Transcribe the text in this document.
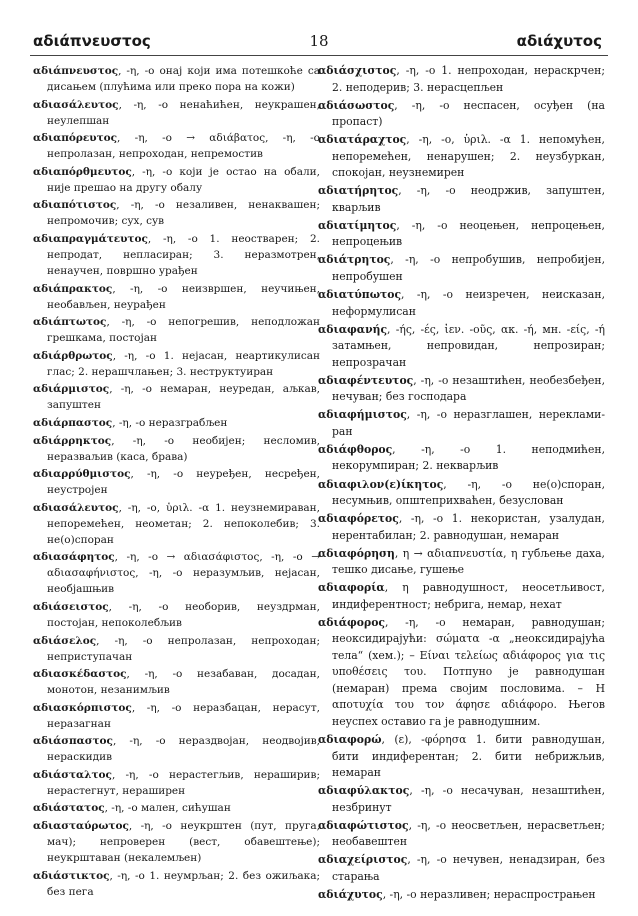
αδιάπνευστος	18	αδιάχυτος

αδιάπνευστος, -η, -ο онај који има потешкоће са дисањем (плућима или преко пора на кожи)

αδιασάλευτος, -η, -ο ненаћићен, неукрашен, неулепшан

αδιαπόρευτος, -η, -ο → αδιάβατος, -η, -ο непролазан, непроходан, непремостив

αδιαπόρθμευτος, -η, -ο који је остао на обали, није прешао на другу обалу

αδιαπότιστος, -η, -ο незаливен, ненаквашен; непромочив; сух, сув

αδιαπραγμάτευτος, -η, -ο 1. неостварен; 2. непродат, непласиран; 3. неразмотрен, ненаучен, површно урађен

αδιάπρακτος, -η, -ο неизвршен, неучињен, необављен, неурађен

αδιάπτωτος, -η, -ο непогрешив, неподложан грешкама, постојан

αδιάρθρωτος, -η, -ο 1. нејасан, неартикулисан глас; 2. нерашчлањен; 3. неструктуиран

αδιάρμιστος, -η, -ο немаран, неуредан, аљкав, запуштен

αδιάρπαστος, -η, -ο неразграбљен

αδιάρρηκτος, -η, -ο необијен; несломив, неразваљив (каса, брава)

αδιαρρύθμιστος, -η, -ο неуређен, несређен, неустројен

αδιασάλευτος, -η, -ο, ὑριλ. -α 1. неузнемираван, непоремећен, неометан; 2. непоколебив; 3. не(о)споран

αδιασάφητος, -η, -ο → αδιασάφιστος, -η, -ο → αδιασαφήνιστος, -η, -ο неразумљив, нејасан, необјашњив

αδιάσειστος, -η, -ο необорив, неуздрман, постојан, непоколебљив

αδιάσελος, -η, -ο непролазан, непроходан; неприступачан

αδιασκέδαστος, -η, -ο незабаван, досадан, монотон, незанимљив

αδιασκόρπιστος, -η, -ο неразбацан, нерасут, неразагнан

αδιάσπαστος, -η, -ο нераздвојан, неодвојив, нераскидив

αδιάσταλτος, -η, -ο нерастегљив, нераширив; нерастегнут, нераширен

αδιάστατος, -η, -ο мален, сићушан

αδιασταύρωτος, -η, -ο неукрштен (пут, пруга, мач); непроверен (вест, обавештење); неукрштаван (некалемљен)

αδιάστικτος, -η, -ο 1. неумрљан; 2. без ожиљака; без пега

αδιάσχιστος, -η, -ο 1. непроходан, нераскрчен; 2. неподерив; 3. нерасцепљен

αδιάσωστος, -η, -ο неспасен, осуђен (на пропаст)

αδιατάραχτος, -η, -ο, ὑριλ. -α 1. непомућен, непоремећен, ненарушен; 2. неузбуркан, спокојан, неузнемирен

αδιατήρητος, -η, -ο неодржив, запуштен, кварљив

αδιατίμητος, -η, -ο неоцењен, непроцењен, непроцењив

αδιάτρητος, -η, -ο непробушив, непробијен, непробушен

αδιατύπωτος, -η, -ο неизречен, неисказан, неформулисан

αδιαφανής, -ής, -ές, ἰεν. -οῦς, ακ. -ή, мн. -είς, -ή затамњен, непровидан, непрозиран; непрозрачан

αδιαφέντευτος, -η, -ο незаштићен, необезбеђен, нечуван; без господара

αδιαφήμιστος, -η, -ο неразглашен, нерекламиран

αδιάφθορος, -η, -ο 1. неподмићен, некорумпиран; 2. некварљив

αδιαφιλον(ε)ίκητος, -η, -ο не(о)споран, несумњив, општеприхваћен, безуслован

αδιαφόρετος, -η, -ο 1. некористан, узалудан, нерентабилан; 2. равнодушан, немаран

αδιαφόρηση, η → αδιαπνευστία, η губљење даха, тешко дисање, гушење

αδιαφορία, η равнодушност, неосетљивост, индиферентност; небрига, немар, нехат

αδιάφορος, -η, -ο немаран, равнодушан; неоксидирајући: σώματα -α „неоксидирајућа тела“ (хем.); – Είναι τελείως αδιάφορος για τις υποθέσεις του. Потпуно је равнодушан (немаран) према својим пословима. – Η αποτυχία του τον άφησε αδιάφορο. Његов неуспех оставио га је равнодушним.

αδιαφορώ, (ε), -φόρησα 1. бити равнодушан, бити индиферентан; 2. бити небрижљив, немаран

αδιαφύλακτος, -η, -ο несачуван, незаштићен, незбринут

αδιαφώτιστος, -η, -ο неосветљен, нерасветљен; необавештен

αδιαχείριστος, -η, -ο нечувен, ненадзиран, без старања

αδιάχυτος, -η, -ο неразливен; нераспрострањен
